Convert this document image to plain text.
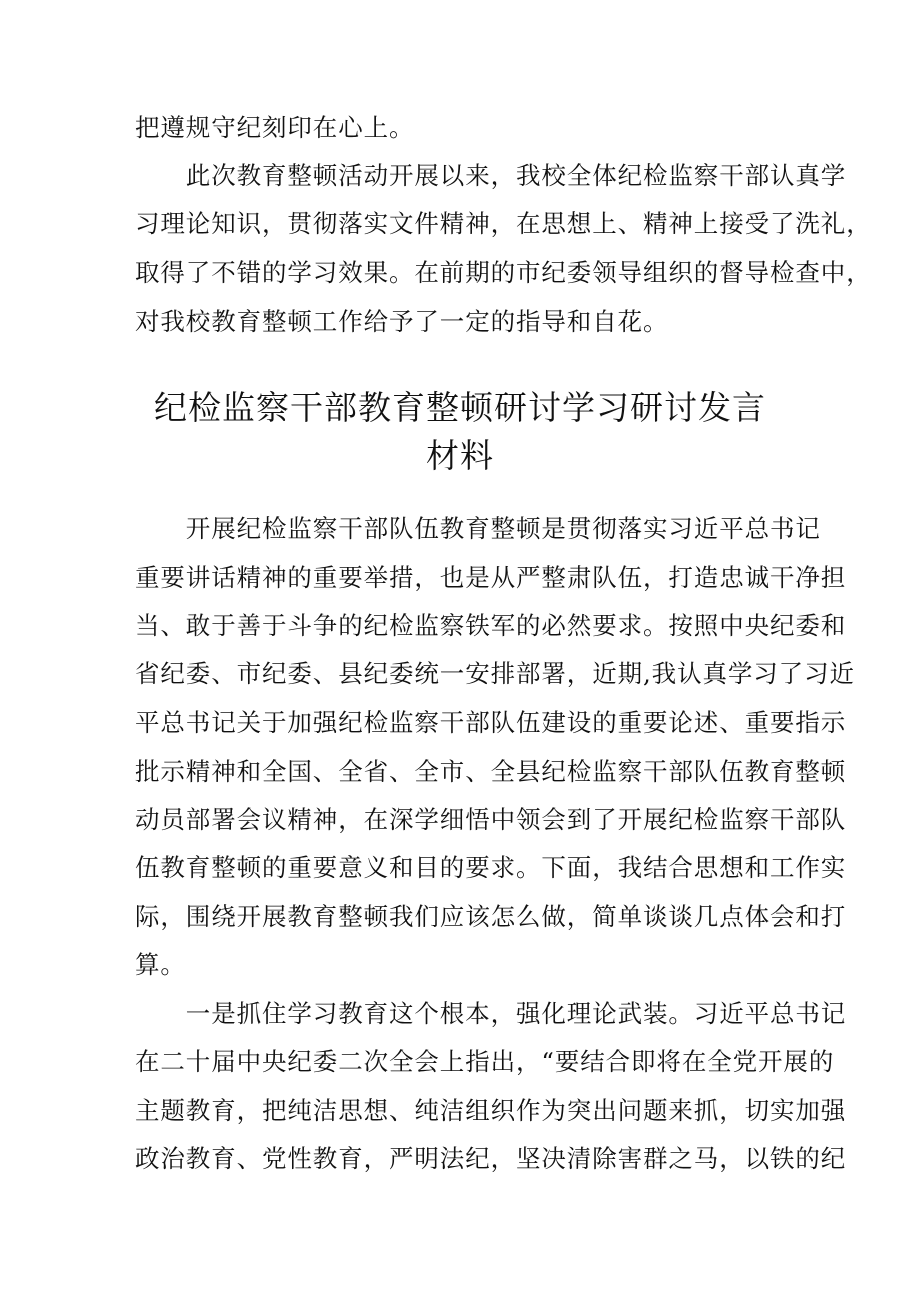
把遵规守纪刻印在心上。
　　此次教育整顿活动开展以来，我校全体纪检监察干部认真学
习理论知识，贯彻落实文件精神，在思想上、精神上接受了洗礼，
取得了不错的学习效果。在前期的市纪委领导组织的督导检查中，
对我校教育整顿工作给予了一定的指导和自花。
纪检监察干部教育整顿研讨学习研讨发言
材料
　　开展纪检监察干部队伍教育整顿是贯彻落实习近平总书记
重要讲话精神的重要举措，也是从严整肃队伍，打造忠诚干净担
当、敢于善于斗争的纪检监察铁军的必然要求。按照中央纪委和
省纪委、市纪委、县纪委统一安排部署，近期,我认真学习了习近
平总书记关于加强纪检监察干部队伍建设的重要论述、重要指示
批示精神和全国、全省、全市、全县纪检监察干部队伍教育整顿
动员部署会议精神，在深学细悟中领会到了开展纪检监察干部队
伍教育整顿的重要意义和目的要求。下面，我结合思想和工作实
际，围绕开展教育整顿我们应该怎么做，简单谈谈几点体会和打
算。
　　一是抓住学习教育这个根本，强化理论武装。习近平总书记
在二十届中央纪委二次全会上指出，“要结合即将在全党开展的
主题教育，把纯洁思想、纯洁组织作为突出问题来抓，切实加强
政治教育、党性教育，严明法纪，坚决清除害群之马，以铁的纪
